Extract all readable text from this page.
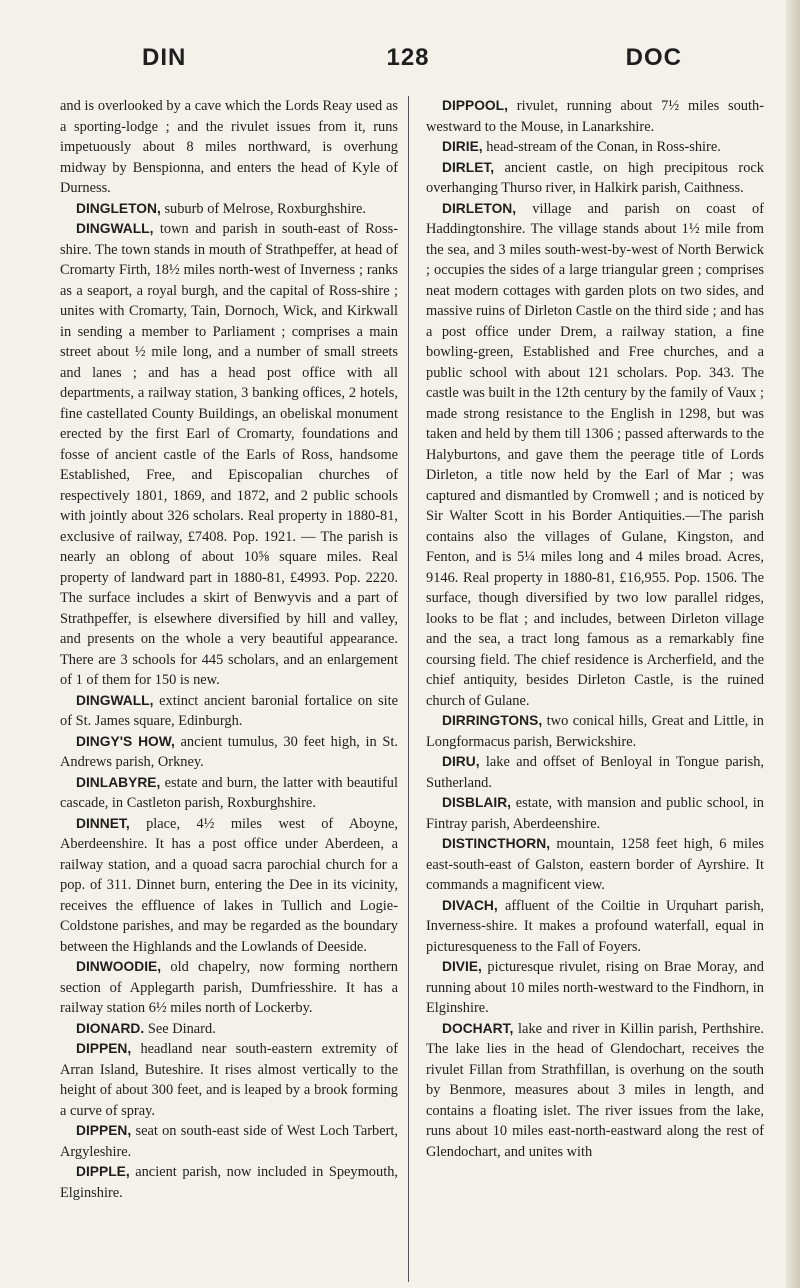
DIN	128	DOC

and is overlooked by a cave which the Lords Reay used as a sporting-lodge ; and the rivulet issues from it, runs impetuously about 8 miles northward, is overhung midway by Benspionna, and enters the head of Kyle of Durness.

DINGLETON, suburb of Melrose, Roxburghshire.

DINGWALL, town and parish in south-east of Ross-shire. The town stands in mouth of Strathpeffer, at head of Cromarty Firth, 18½ miles north-west of Inverness ; ranks as a seaport, a royal burgh, and the capital of Ross-shire ; unites with Cromarty, Tain, Dornoch, Wick, and Kirkwall in sending a member to Parliament ; comprises a main street about ½ mile long, and a number of small streets and lanes ; and has a head post office with all departments, a railway station, 3 banking offices, 2 hotels, fine castellated County Buildings, an obeliskal monument erected by the first Earl of Cromarty, foundations and fosse of ancient castle of the Earls of Ross, handsome Established, Free, and Episcopalian churches of respectively 1801, 1869, and 1872, and 2 public schools with jointly about 326 scholars. Real property in 1880-81, exclusive of railway, £7408. Pop. 1921. — The parish is nearly an oblong of about 10⅝ square miles. Real property of landward part in 1880-81, £4993. Pop. 2220. The surface includes a skirt of Benwyvis and a part of Strathpeffer, is elsewhere diversified by hill and valley, and presents on the whole a very beautiful appearance. There are 3 schools for 445 scholars, and an enlargement of 1 of them for 150 is new.

DINGWALL, extinct ancient baronial fortalice on site of St. James square, Edinburgh.

DINGY'S HOW, ancient tumulus, 30 feet high, in St. Andrews parish, Orkney.

DINLABYRE, estate and burn, the latter with beautiful cascade, in Castleton parish, Roxburghshire.

DINNET, place, 4½ miles west of Aboyne, Aberdeenshire. It has a post office under Aberdeen, a railway station, and a quoad sacra parochial church for a pop. of 311. Dinnet burn, entering the Dee in its vicinity, receives the effluence of lakes in Tullich and Logie-Coldstone parishes, and may be regarded as the boundary between the Highlands and the Lowlands of Deeside.

DINWOODIE, old chapelry, now forming northern section of Applegarth parish, Dumfriesshire. It has a railway station 6½ miles north of Lockerby.

DIONARD. See Dinard.

DIPPEN, headland near south-eastern extremity of Arran Island, Buteshire. It rises almost vertically to the height of about 300 feet, and is leaped by a brook forming a curve of spray.

DIPPEN, seat on south-east side of West Loch Tarbert, Argyleshire.

DIPPLE, ancient parish, now included in Speymouth, Elginshire.

DIPPOOL, rivulet, running about 7½ miles south-westward to the Mouse, in Lanarkshire.

DIRIE, head-stream of the Conan, in Ross-shire.

DIRLET, ancient castle, on high precipitous rock overhanging Thurso river, in Halkirk parish, Caithness.

DIRLETON, village and parish on coast of Haddingtonshire. The village stands about 1½ mile from the sea, and 3 miles south-west-by-west of North Berwick ; occupies the sides of a large triangular green ; comprises neat modern cottages with garden plots on two sides, and massive ruins of Dirleton Castle on the third side ; and has a post office under Drem, a railway station, a fine bowling-green, Established and Free churches, and a public school with about 121 scholars. Pop. 343. The castle was built in the 12th century by the family of Vaux ; made strong resistance to the English in 1298, but was taken and held by them till 1306 ; passed afterwards to the Halyburtons, and gave them the peerage title of Lords Dirleton, a title now held by the Earl of Mar ; was captured and dismantled by Cromwell ; and is noticed by Sir Walter Scott in his Border Antiquities.—The parish contains also the villages of Gulane, Kingston, and Fenton, and is 5¼ miles long and 4 miles broad. Acres, 9146. Real property in 1880-81, £16,955. Pop. 1506. The surface, though diversified by two low parallel ridges, looks to be flat ; and includes, between Dirleton village and the sea, a tract long famous as a remarkably fine coursing field. The chief residence is Archerfield, and the chief antiquity, besides Dirleton Castle, is the ruined church of Gulane.

DIRRINGTONS, two conical hills, Great and Little, in Longformacus parish, Berwickshire.

DIRU, lake and offset of Benloyal in Tongue parish, Sutherland.

DISBLAIR, estate, with mansion and public school, in Fintray parish, Aberdeenshire.

DISTINCTHORN, mountain, 1258 feet high, 6 miles east-south-east of Galston, eastern border of Ayrshire. It commands a magnificent view.

DIVACH, affluent of the Coiltie in Urquhart parish, Inverness-shire. It makes a profound waterfall, equal in picturesqueness to the Fall of Foyers.

DIVIE, picturesque rivulet, rising on Brae Moray, and running about 10 miles north-westward to the Findhorn, in Elginshire.

DOCHART, lake and river in Killin parish, Perthshire. The lake lies in the head of Glendochart, receives the rivulet Fillan from Strathfillan, is overhung on the south by Benmore, measures about 3 miles in length, and contains a floating islet. The river issues from the lake, runs about 10 miles east-north-eastward along the rest of Glendochart, and unites with
